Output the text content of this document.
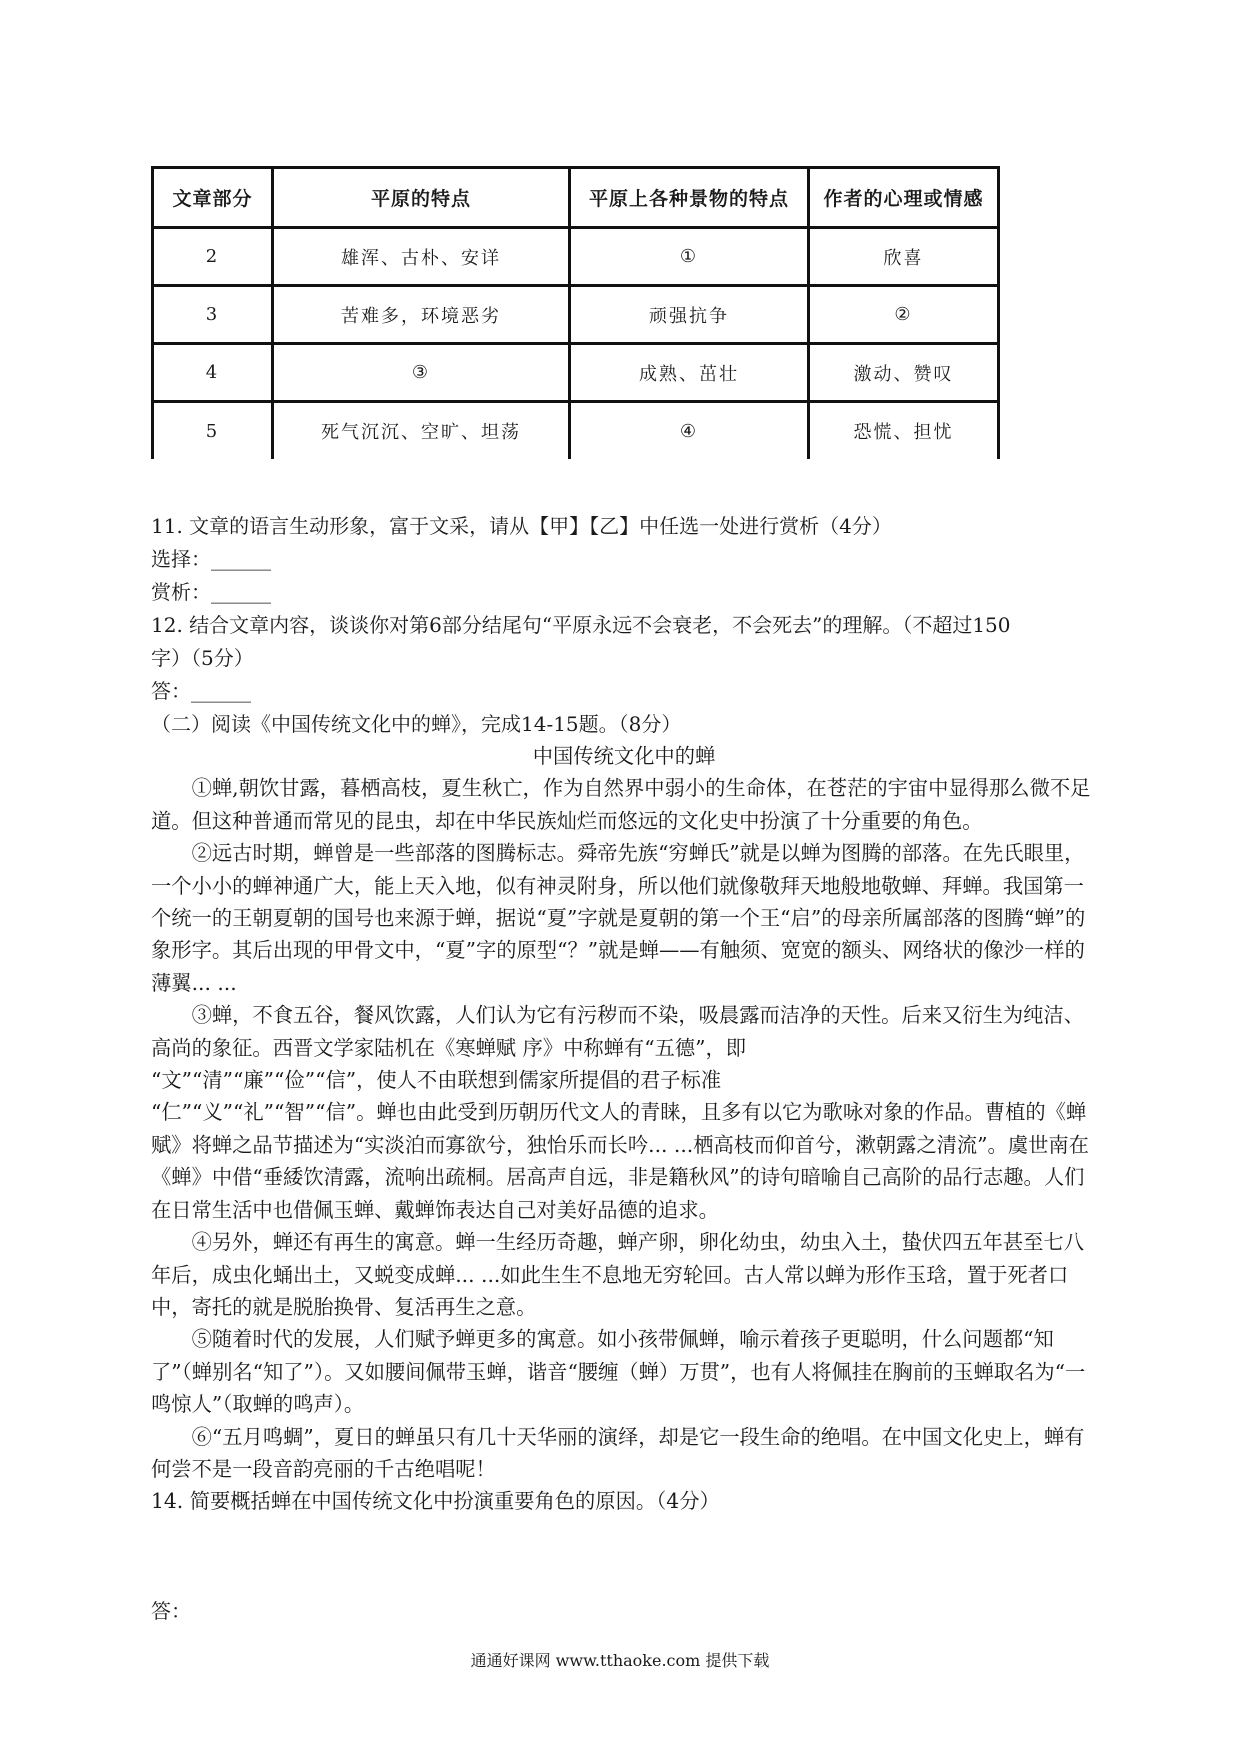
文章部分	平原的特点	平原上各种景物的特点	作者的心理或情感
2	雄浑、古朴、安详	①	欣喜
3	苦难多，环境恶劣	顽强抗争	②
4	③	成熟、茁壮	激动、赞叹
5	死气沉沉、空旷、坦荡	④	恐慌、担忧
11. 文章的语言生动形象，富于文采，请从【甲】【乙】中任选一处进行赏析（4分）
选择：______
赏析：______
12. 结合文章内容，谈谈你对第6部分结尾句“平原永远不会衰老，不会死去”的理解。（不超过150
字）（5分）
答：______
（二）阅读《中国传统文化中的蝉》，完成14-15题。（8分）

中国传统文化中的蝉

①蝉,朝饮甘露，暮栖高枝，夏生秋亡，作为自然界中弱小的生命体，在苍茫的宇宙中显得那么微不足道。但这种普通而常见的昆虫，却在中华民族灿烂而悠远的文化史中扮演了十分重要的角色。

②远古时期，蝉曾是一些部落的图腾标志。舜帝先族“穷蝉氏”就是以蝉为图腾的部落。在先氏眼里，一个小小的蝉神通广大，能上天入地，似有神灵附身，所以他们就像敬拜天地般地敬蝉、拜蝉。我国第一个统一的王朝夏朝的国号也来源于蝉，据说“夏”字就是夏朝的第一个王“启”的母亲所属部落的图腾“蝉”的象形字。其后出现的甲骨文中，“夏”字的原型“？”就是蝉——有触须、宽宽的额头、网络状的像沙一样的薄翼... ...

③蝉，不食五谷，餐风饮露，人们认为它有污秽而不染，吸晨露而洁净的天性。后来又衍生为纯洁、高尚的象征。西晋文学家陆机在《寒蝉赋 序》中称蝉有“五德”，即

“文”“清”“廉”“俭”“信”，使人不由联想到儒家所提倡的君子标准

“仁”“义”“礼”“智”“信”。蝉也由此受到历朝历代文人的青睐，且多有以它为歌咏对象的作品。曹植的《蝉赋》将蝉之品节描述为“实淡泊而寡欲兮，独怡乐而长吟... ...栖高枝而仰首兮，漱朝露之清流”。虞世南在《蝉》中借“垂緌饮清露，流响出疏桐。居高声自远，非是籍秋风”的诗句暗喻自己高阶的品行志趣。人们在日常生活中也借佩玉蝉、戴蝉饰表达自己对美好品德的追求。

④另外，蝉还有再生的寓意。蝉一生经历奇趣，蝉产卵，卵化幼虫，幼虫入土，蛰伏四五年甚至七八年后，成虫化蛹出土，又蜕变成蝉... ...如此生生不息地无穷轮回。古人常以蝉为形作玉琀，置于死者口中，寄托的就是脱胎换骨、复活再生之意。

⑤随着时代的发展，人们赋予蝉更多的寓意。如小孩带佩蝉，喻示着孩子更聪明，什么问题都“知了”（蝉别名“知了”）。又如腰间佩带玉蝉，谐音“腰缠（蝉）万贯”，也有人将佩挂在胸前的玉蝉取名为“一鸣惊人”（取蝉的鸣声）。

⑥“五月鸣蜩”，夏日的蝉虽只有几十天华丽的演绎，却是它一段生命的绝唱。在中国文化史上，蝉有何尝不是一段音韵亮丽的千古绝唱呢！

14. 简要概括蝉在中国传统文化中扮演重要角色的原因。（4分）

答：
通通好课网 www.tthaoke.com 提供下载
